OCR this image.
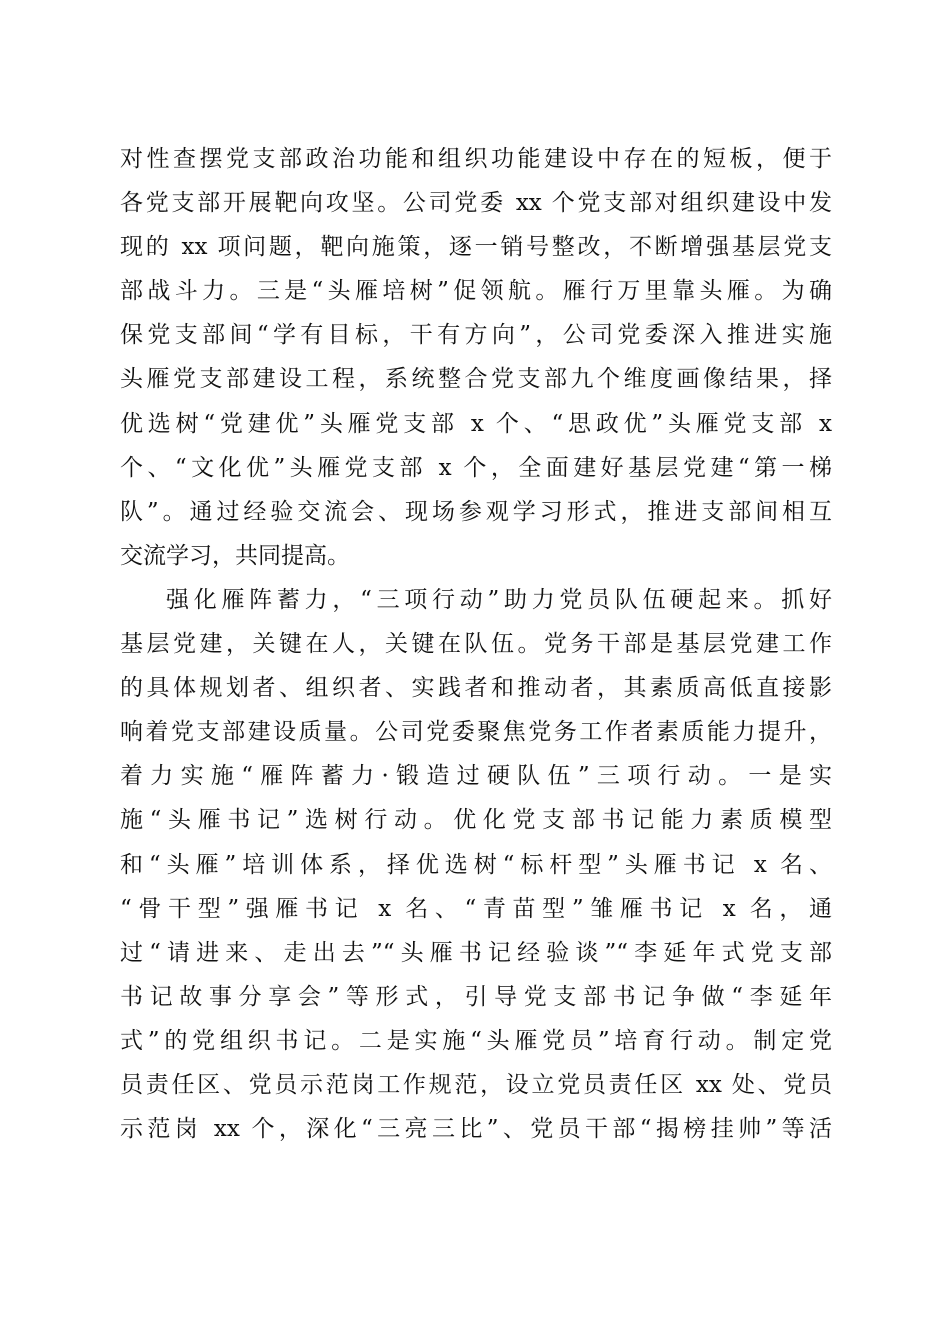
对性查摆党支部政治功能和组织功能建设中存在的短板，便于
各党支部开展靶向攻坚。公司党委 xx 个党支部对组织建设中发
现的 xx 项问题，靶向施策，逐一销号整改，不断增强基层党支
部战斗力。三是“头雁培树”促领航。雁行万里靠头雁。为确
保党支部间“学有目标，干有方向”，公司党委深入推进实施
头雁党支部建设工程，系统整合党支部九个维度画像结果，择
优选树“党建优”头雁党支部 x 个、“思政优”头雁党支部 x
个、“文化优”头雁党支部 x 个，全面建好基层党建“第一梯
队”。通过经验交流会、现场参观学习形式，推进支部间相互
交流学习，共同提高。
强化雁阵蓄力，“三项行动”助力党员队伍硬起来。抓好
基层党建，关键在人，关键在队伍。党务干部是基层党建工作
的具体规划者、组织者、实践者和推动者，其素质高低直接影
响着党支部建设质量。公司党委聚焦党务工作者素质能力提升，
着力实施“雁阵蓄力·锻造过硬队伍”三项行动。一是实
施“头雁书记”选树行动。优化党支部书记能力素质模型
和“头雁”培训体系，择优选树“标杆型”头雁书记 x 名、
“骨干型”强雁书记 x 名、“青苗型”雏雁书记 x 名，通
过“请进来、走出去”“头雁书记经验谈”“李延年式党支部
书记故事分享会”等形式，引导党支部书记争做“李延年
式”的党组织书记。二是实施“头雁党员”培育行动。制定党
员责任区、党员示范岗工作规范，设立党员责任区 xx 处、党员
示范岗 xx 个，深化“三亮三比”、党员干部“揭榜挂帅”等活
